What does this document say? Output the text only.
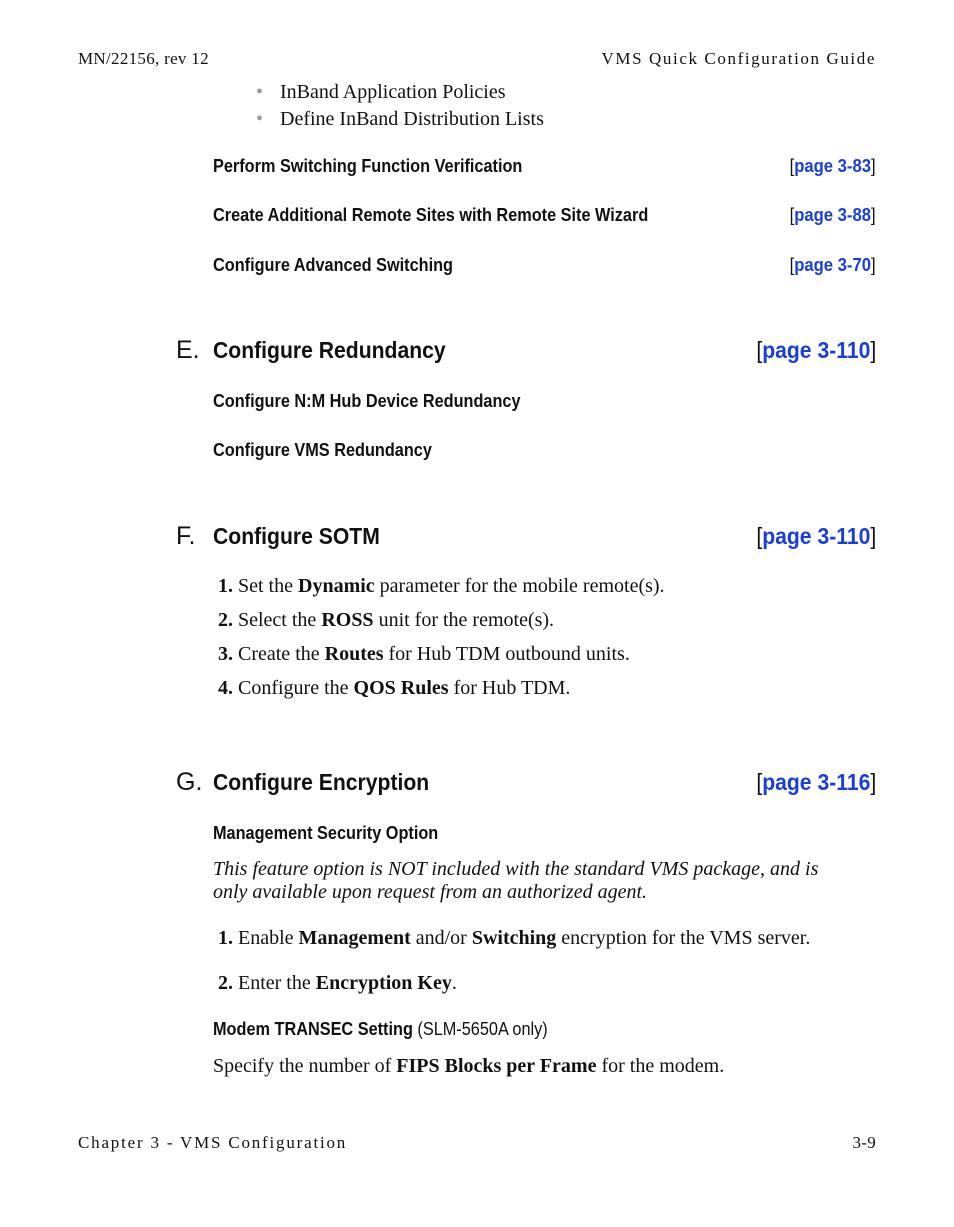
MN/22156, rev 12	VMS Quick Configuration Guide
• InBand Application Policies
• Define InBand Distribution Lists
Perform Switching Function Verification	[page 3-83]
Create Additional Remote Sites with Remote Site Wizard	[page 3-88]
Configure Advanced Switching	[page 3-70]
E. Configure Redundancy	[page 3-110]
Configure N:M Hub Device Redundancy
Configure VMS Redundancy
F. Configure SOTM	[page 3-110]
1. Set the Dynamic parameter for the mobile remote(s).
2. Select the ROSS unit for the remote(s).
3. Create the Routes for Hub TDM outbound units.
4. Configure the QOS Rules for Hub TDM.
G. Configure Encryption	[page 3-116]
Management Security Option
This feature option is NOT included with the standard VMS package, and is
only available upon request from an authorized agent.
1. Enable Management and/or Switching encryption for the VMS server.
2. Enter the Encryption Key.
Modem TRANSEC Setting (SLM-5650A only)
Specify the number of FIPS Blocks per Frame for the modem.
Chapter 3 - VMS Configuration	3-9
